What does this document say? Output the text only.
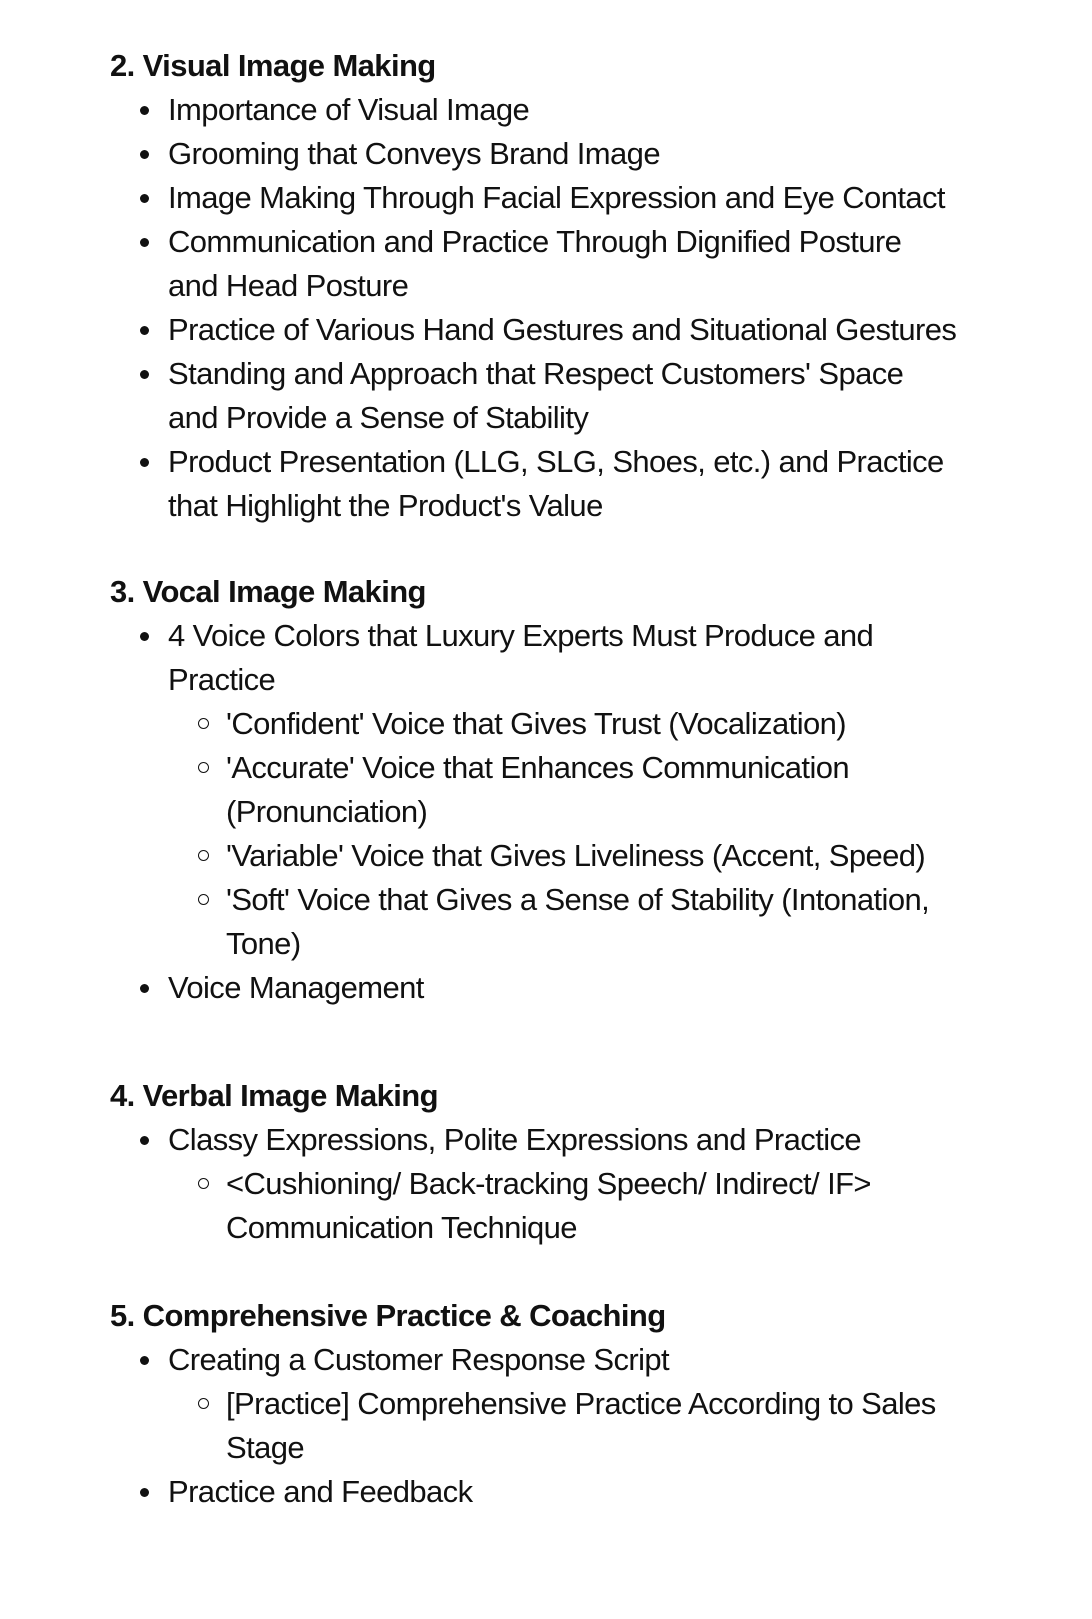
2. Visual Image Making
Importance of Visual Image
Grooming that Conveys Brand Image
Image Making Through Facial Expression and Eye Contact
Communication and Practice Through Dignified Posture and Head Posture
Practice of Various Hand Gestures and Situational Gestures
Standing and Approach that Respect Customers' Space and Provide a Sense of Stability
Product Presentation (LLG, SLG, Shoes, etc.) and Practice that Highlight the Product's Value
3. Vocal Image Making
4 Voice Colors that Luxury Experts Must Produce and Practice
'Confident' Voice that Gives Trust (Vocalization)
'Accurate' Voice that Enhances Communication (Pronunciation)
'Variable' Voice that Gives Liveliness (Accent, Speed)
'Soft' Voice that Gives a Sense of Stability (Intonation, Tone)
Voice Management
4. Verbal Image Making
Classy Expressions, Polite Expressions and Practice
<Cushioning/ Back-tracking Speech/ Indirect/ IF> Communication Technique
5. Comprehensive Practice & Coaching
Creating a Customer Response Script
[Practice] Comprehensive Practice According to Sales Stage
Practice and Feedback
